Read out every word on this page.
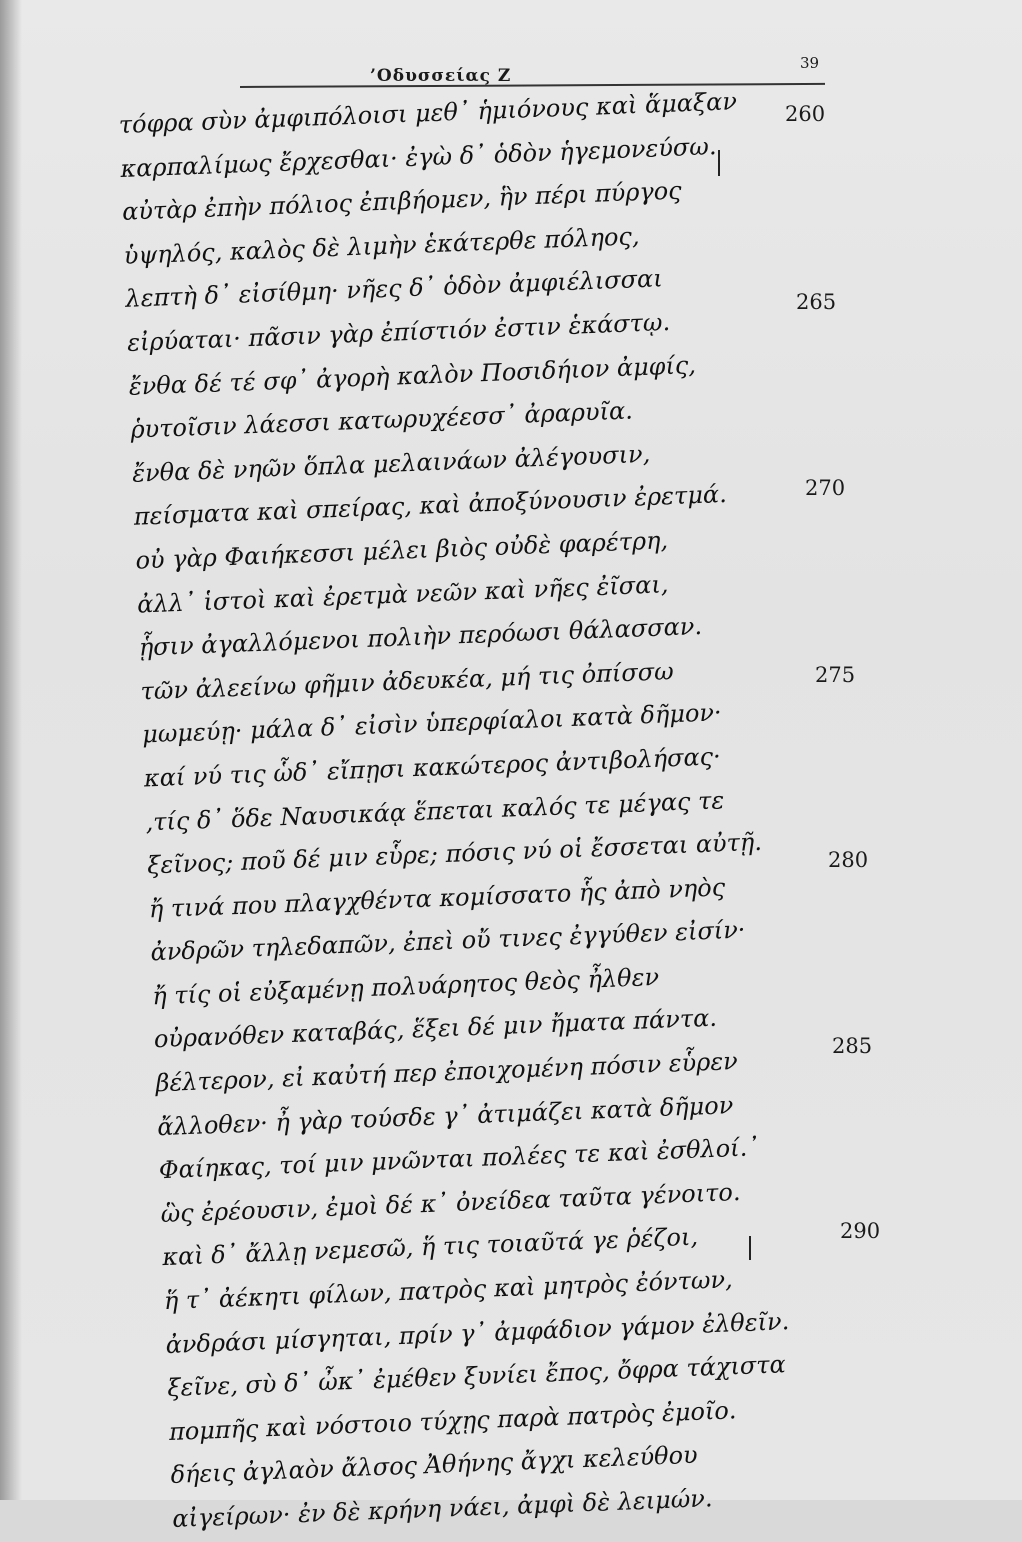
’Οδυσσείας Ζ
39
τόφρα σὺν ἀμφιπόλοισι μεθ᾽ ἡμιόνους καὶ ἅμαξαν
καρπαλίμως ἔρχεσθαι· ἐγὼ δ᾽ ὁδὸν ἡγεμονεύσω.
αὐτὰρ ἐπὴν πόλιος ἐπιβήομεν, ἣν πέρι πύργος
ὑψηλός, καλὸς δὲ λιμὴν ἑκάτερθε πόληος,
λεπτὴ δ᾽ εἰσίθμη· νῆες δ᾽ ὁδὸν ἀμφιέλισσαι
εἰρύαται· πᾶσιν γὰρ ἐπίστιόν ἐστιν ἑκάστῳ.
ἔνθα δέ τέ σφ᾽ ἀγορὴ καλὸν Ποσιδήιον ἀμφίς,
ῥυτοῖσιν λάεσσι κατωρυχέεσσ᾽ ἀραρυῖα.
ἔνθα δὲ νηῶν ὅπλα μελαινάων ἀλέγουσιν,
πείσματα καὶ σπείρας, καὶ ἀποξύνουσιν ἐρετμά.
οὐ γὰρ Φαιήκεσσι μέλει βιὸς οὐδὲ φαρέτρη,
ἀλλ᾽ ἱστοὶ καὶ ἐρετμὰ νεῶν καὶ νῆες ἐῖσαι,
ᾗσιν ἀγαλλόμενοι πολιὴν περόωσι θάλασσαν.
τῶν ἀλεείνω φῆμιν ἀδευκέα, μή τις ὀπίσσω
μωμεύῃ· μάλα δ᾽ εἰσὶν ὑπερφίαλοι κατὰ δῆμον·
καί νύ τις ὧδ᾽ εἴπῃσι κακώτερος ἀντιβολήσας·
,τίς δ᾽ ὅδε Ναυσικάᾳ ἕπεται καλός τε μέγας τε
ξεῖνος; ποῦ δέ μιν εὗρε; πόσις νύ οἱ ἔσσεται αὐτῇ.
ἤ τινά που πλαγχθέντα κομίσσατο ἧς ἀπὸ νηὸς
ἀνδρῶν τηλεδαπῶν, ἐπεὶ οὔ τινες ἐγγύθεν εἰσίν·
ἤ τίς οἱ εὐξαμένῃ πολυάρητος θεὸς ἦλθεν
οὐρανόθεν καταβάς, ἕξει δέ μιν ἤματα πάντα.
βέλτερον, εἰ καὐτή περ ἐποιχομένη πόσιν εὗρεν
ἄλλοθεν· ἦ γὰρ τούσδε γ᾽ ἀτιμάζει κατὰ δῆμον
Φαίηκας, τοί μιν μνῶνται πολέες τε καὶ ἐσθλοί.᾽
ὣς ἐρέουσιν, ἐμοὶ δέ κ᾽ ὀνείδεα ταῦτα γένοιτο.
καὶ δ᾽ ἄλλῃ νεμεσῶ, ἥ τις τοιαῦτά γε ῥέζοι,
ἥ τ᾽ ἀέκητι φίλων, πατρὸς καὶ μητρὸς ἐόντων,
ἀνδράσι μίσγηται, πρίν γ᾽ ἀμφάδιον γάμον ἐλθεῖν.
ξεῖνε, σὺ δ᾽ ὦκ᾽ ἐμέθεν ξυνίει ἔπος, ὄφρα τάχιστα
πομπῆς καὶ νόστοιο τύχῃς παρὰ πατρὸς ἐμοῖο.
δήεις ἀγλαὸν ἄλσος Ἀθήνης ἄγχι κελεύθου
αἰγείρων· ἐν δὲ κρήνη νάει, ἀμφὶ δὲ λειμών.
260
265
270
275
280
285
290
